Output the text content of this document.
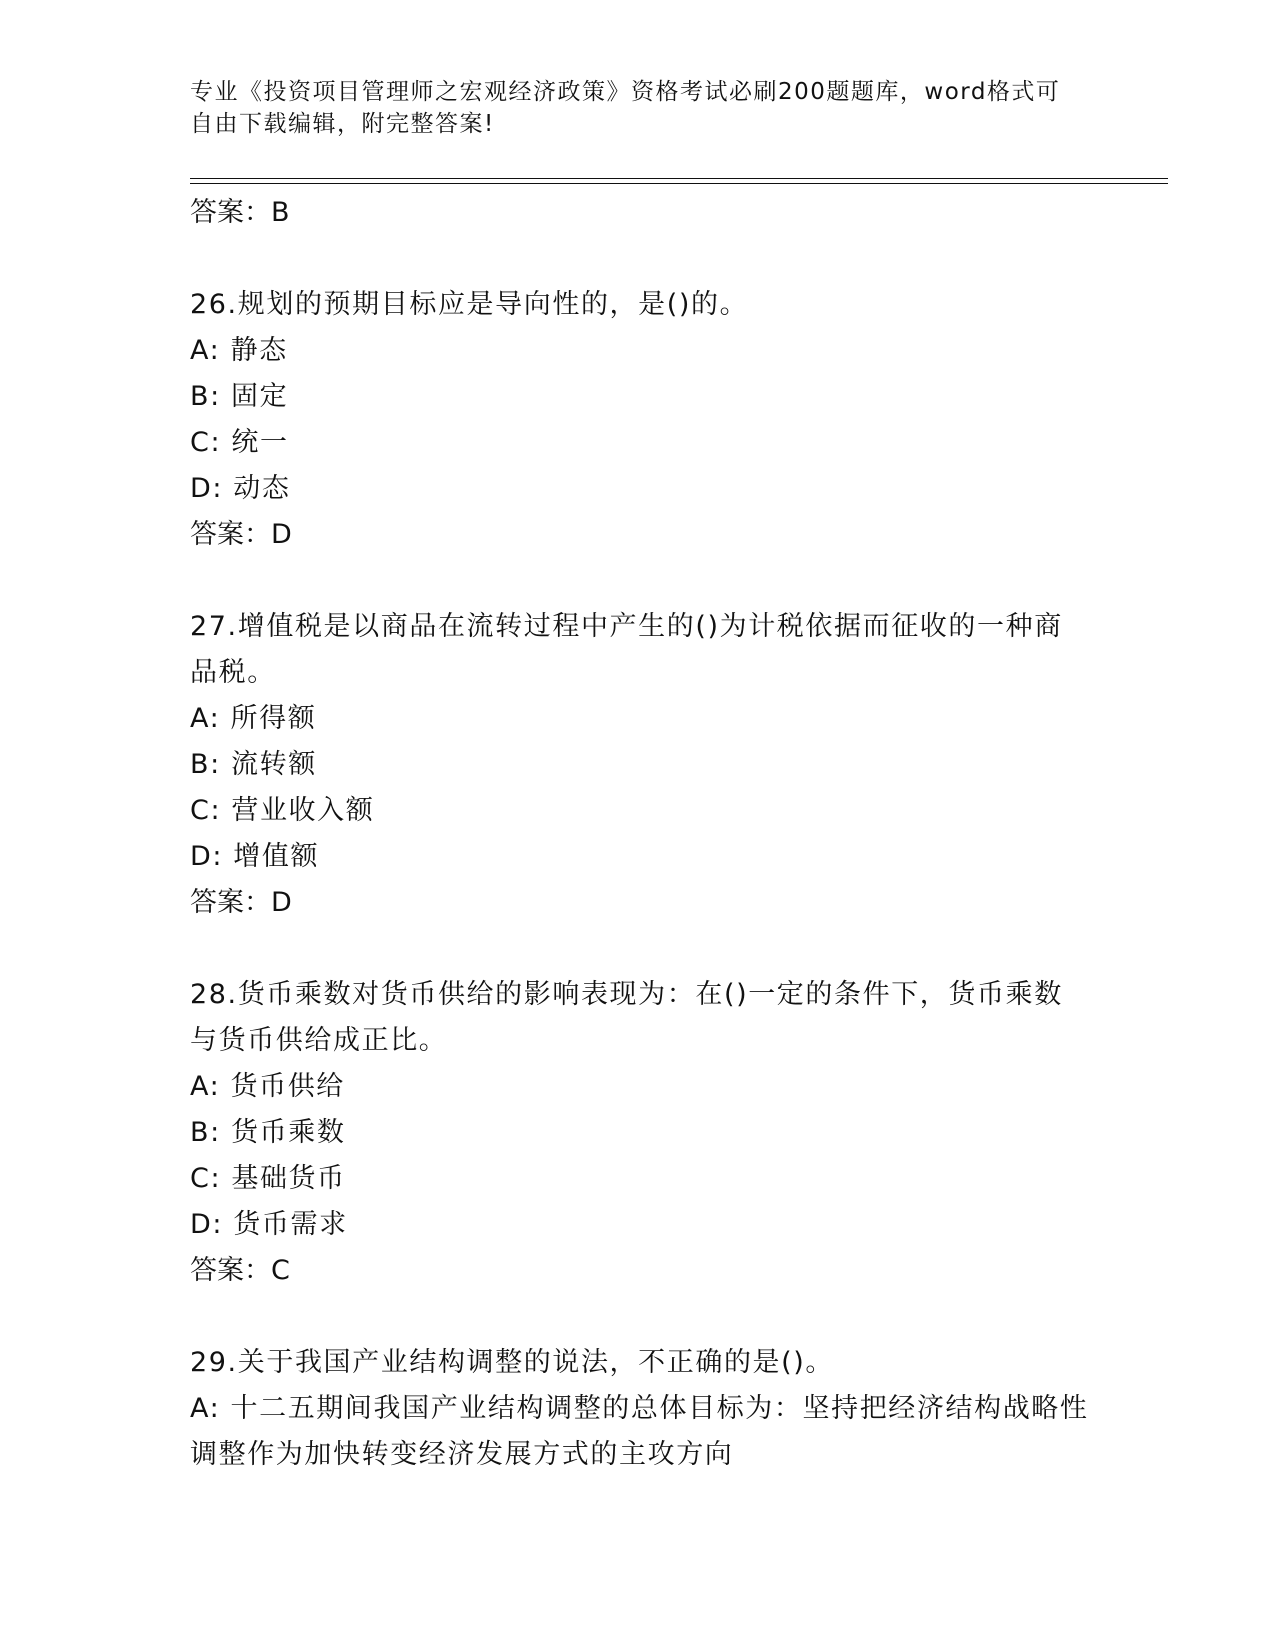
专业《投资项目管理师之宏观经济政策》资格考试必刷200题题库，word格式可自由下载编辑，附完整答案!

答案：B

26.规划的预期目标应是导向性的，是()的。

A: 静态
B: 固定
C: 统一
D: 动态

答案：D

27.增值税是以商品在流转过程中产生的()为计税依据而征收的一种商品税。

A: 所得额
B: 流转额
C: 营业收入额
D: 增值额

答案：D

28.货币乘数对货币供给的影响表现为：在()一定的条件下，货币乘数与货币供给成正比。

A: 货币供给
B: 货币乘数
C: 基础货币
D: 货币需求

答案：C

29.关于我国产业结构调整的说法，不正确的是()。

A: 十二五期间我国产业结构调整的总体目标为：坚持把经济结构战略性调整作为加快转变经济发展方式的主攻方向
